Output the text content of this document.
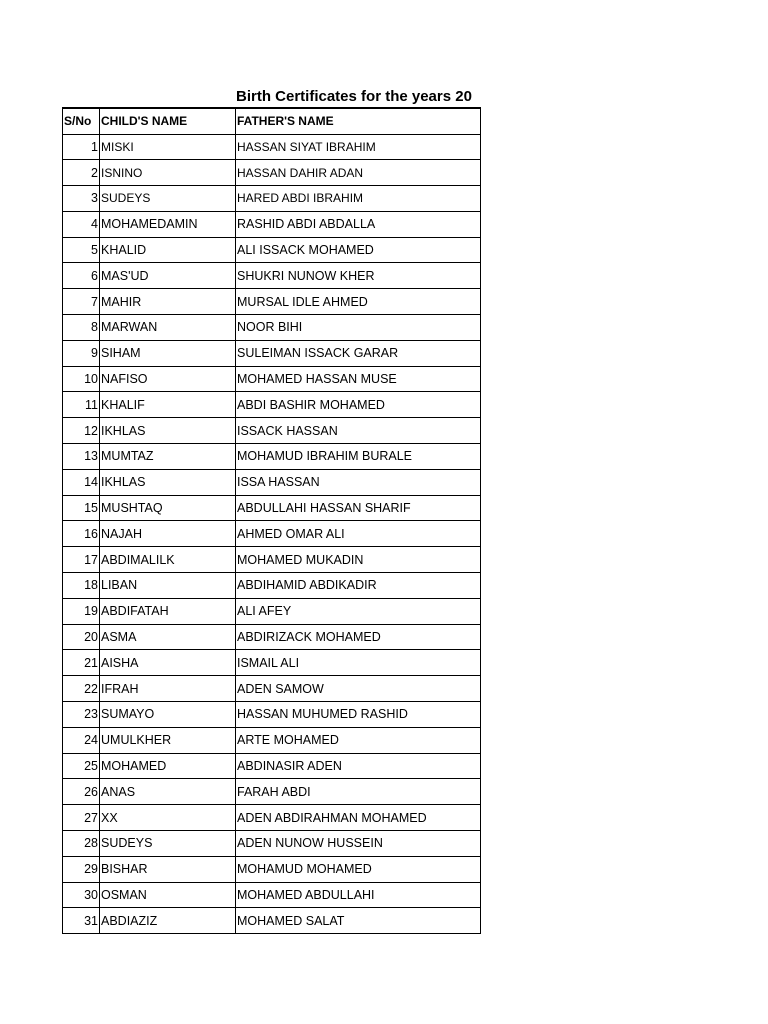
Birth Certificates for the years 20
S/No	CHILD'S NAME	FATHER'S NAME
1	MISKI	HASSAN SIYAT IBRAHIM
2	ISNINO	HASSAN DAHIR ADAN
3	SUDEYS	HARED ABDI IBRAHIM
4	MOHAMEDAMIN	RASHID ABDI ABDALLA
5	KHALID	ALI ISSACK MOHAMED
6	MAS'UD	SHUKRI NUNOW KHER
7	MAHIR	MURSAL IDLE AHMED
8	MARWAN	NOOR BIHI
9	SIHAM	SULEIMAN ISSACK GARAR
10	NAFISO	MOHAMED HASSAN MUSE
11	KHALIF	ABDI BASHIR MOHAMED
12	IKHLAS	ISSACK HASSAN
13	MUMTAZ	MOHAMUD IBRAHIM BURALE
14	IKHLAS	ISSA HASSAN
15	MUSHTAQ	ABDULLAHI HASSAN SHARIF
16	NAJAH	AHMED OMAR ALI
17	ABDIMALILK	MOHAMED MUKADIN
18	LIBAN	ABDIHAMID ABDIKADIR
19	ABDIFATAH	ALI AFEY
20	ASMA	ABDIRIZACK MOHAMED
21	AISHA	ISMAIL ALI
22	IFRAH	ADEN SAMOW
23	SUMAYO	HASSAN MUHUMED RASHID
24	UMULKHER	ARTE MOHAMED
25	MOHAMED	ABDINASIR ADEN
26	ANAS	FARAH ABDI
27	XX	ADEN ABDIRAHMAN MOHAMED
28	SUDEYS	ADEN NUNOW HUSSEIN
29	BISHAR	MOHAMUD MOHAMED
30	OSMAN	MOHAMED ABDULLAHI
31	ABDIAZIZ	MOHAMED SALAT
